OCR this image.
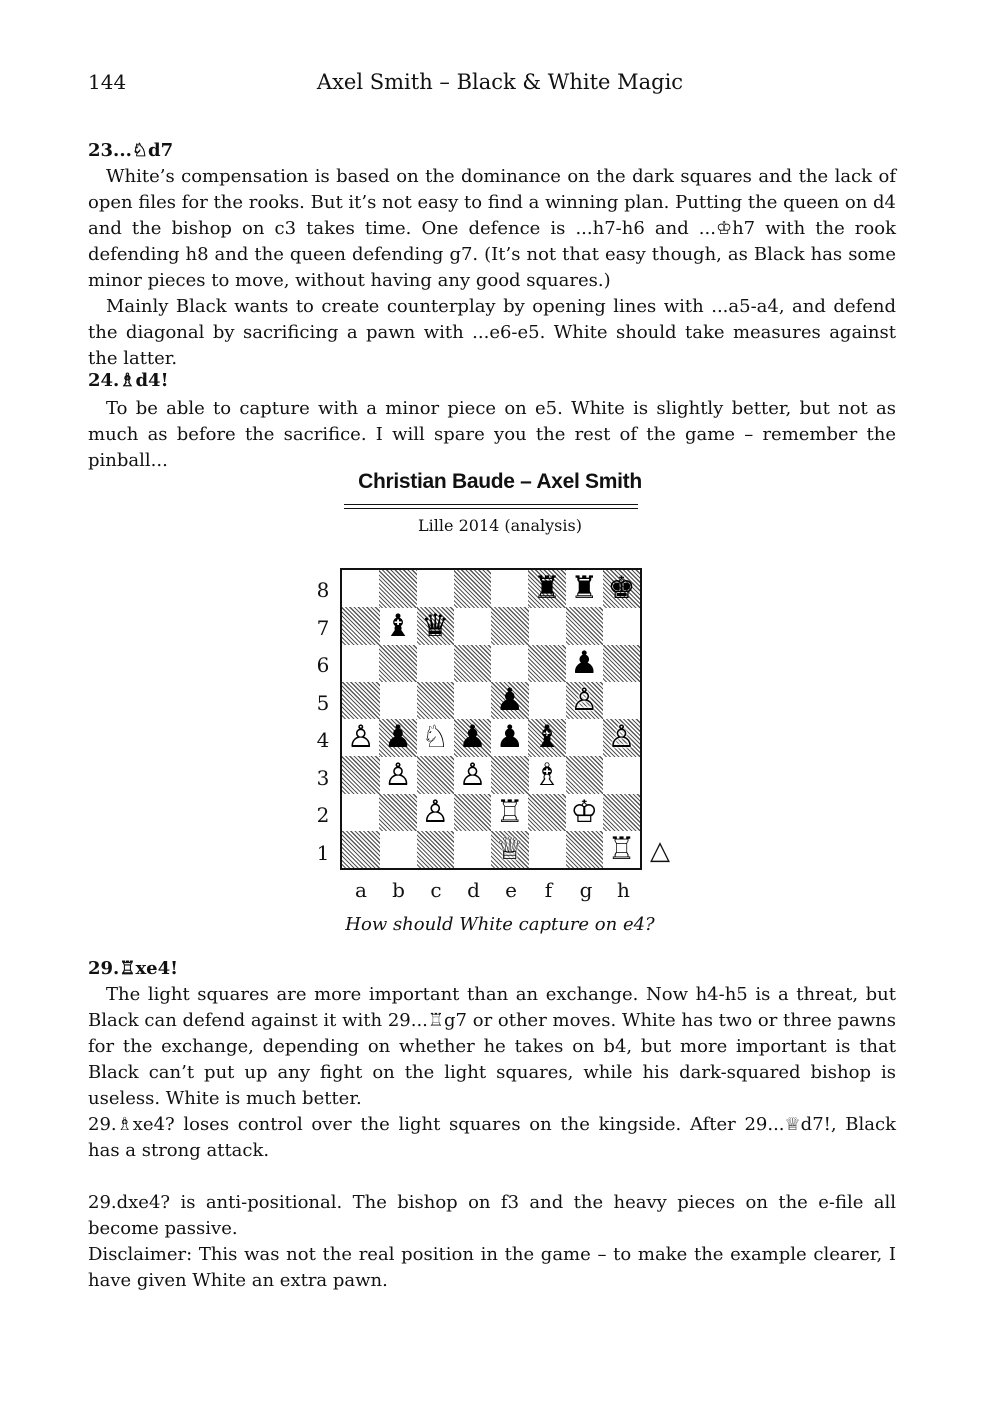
144	Axel Smith – Black & White Magic
23...♘d7
White’s compensation is based on the dominance on the dark squares and the lack of open files for the rooks. But it’s not easy to find a winning plan. Putting the queen on d4 and the bishop on c3 takes time. One defence is ...h7-h6 and ...♔h7 with the rook defending h8 and the queen defending g7. (It’s not that easy though, as Black has some minor pieces to move, without having any good squares.)
Mainly Black wants to create counterplay by opening lines with ...a5-a4, and defend the diagonal by sacrificing a pawn with ...e6-e5. White should take measures against the latter.
24.♗d4!
To be able to capture with a minor piece on e5. White is slightly better, but not as much as before the sacrifice. I will spare you the rest of the game – remember the pinball...
Christian Baude – Axel Smith
Lille 2014 (analysis)
♜ ♜ ♚
♝ ♛
♟
♟ ♙
♙ ♟ ♘ ♟ ♟ ♝ ♙
♙ ♙ ♗
♙ ♖ ♔
♕	♖
8
7
6
5
4
3
2
1
a b c d e	f	g h
△
How should White capture on e4?
29.♖xe4!
The light squares are more important than an exchange. Now h4-h5 is a threat, but Black can defend against it with 29...♖g7 or other moves. White has two or three pawns for the exchange, depending on whether he takes on b4, but more important is that Black can’t put up any fight on the light squares, while his dark-squared bishop is useless. White is much better.
29.♗xe4? loses control over the light squares on the kingside. After 29...♕d7!, Black has a strong attack.
29.dxe4? is anti-positional. The bishop on f3 and the heavy pieces on the e-file all become passive.
Disclaimer: This was not the real position in the game – to make the example clearer, I have given White an extra pawn.
